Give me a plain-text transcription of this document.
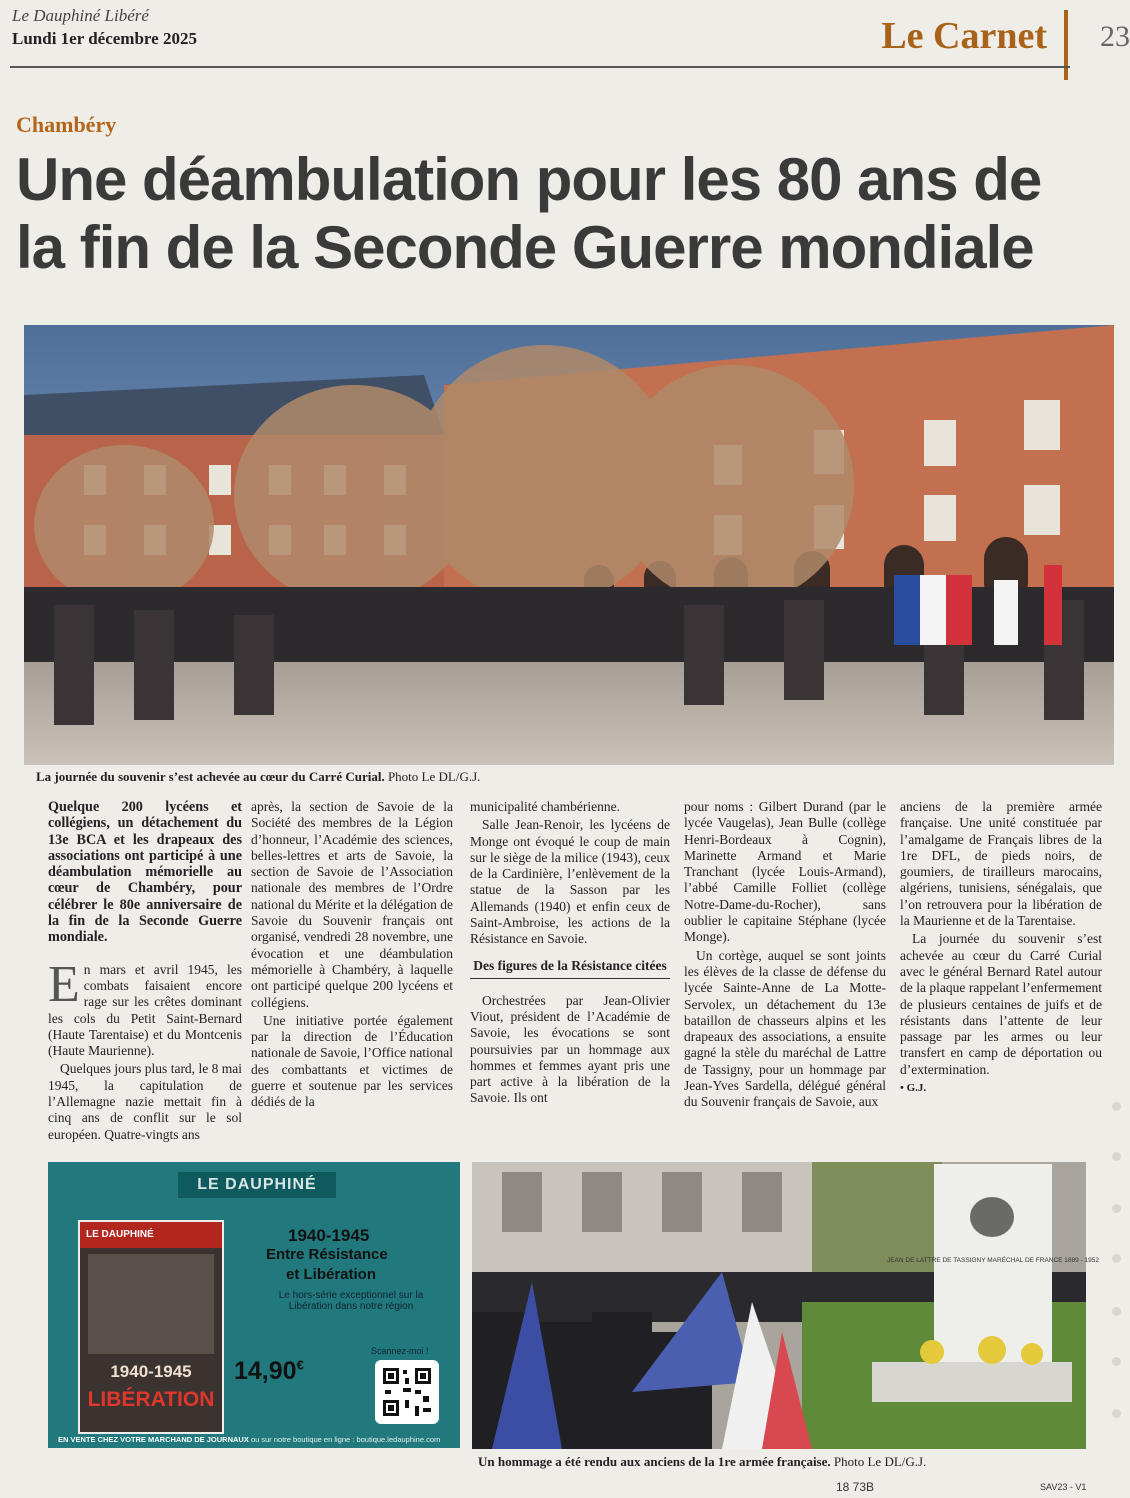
Le Dauphiné Libéré
Lundi 1er décembre 2025	Le Carnet 23
Chambéry
Une déambulation pour les 80 ans de
la fin de la Seconde Guerre mondiale
La journée du souvenir s’est achevée au cœur du Carré Curial. Photo Le DL/G.J.
Quelque 200 lycéens et collégiens, un détachement du 13e BCA et les drapeaux des associations ont participé à une déambulation mémorielle au cœur de Chambéry, pour célébrer le 80e anniversaire de la fin de la Seconde Guerre mondiale.

En mars et avril 1945, les combats faisaient encore rage sur les crêtes dominant les cols du Petit Saint-Bernard (Haute Tarentaise) et du Montcenis (Haute Maurienne).

Quelques jours plus tard, le 8 mai 1945, la capitulation de l’Allemagne nazie mettait fin à cinq ans de conflit sur le sol européen. Quatre-vingts ans

après, la section de Savoie de la Société des membres de la Légion d’honneur, l’Académie des sciences, belles-lettres et arts de Savoie, la section de Savoie de l’Association nationale des membres de l’Ordre national du Mérite et la délégation de Savoie du Souvenir français ont organisé, vendredi 28 novembre, une évocation et une déambulation mémorielle à Chambéry, à laquelle ont participé quelque 200 lycéens et collégiens.

Une initiative portée également par la direction de l’Éducation nationale de Savoie, l’Office national des combattants et victimes de guerre et soutenue par les services dédiés de la

municipalité chambérienne.

Salle Jean-Renoir, les lycéens de Monge ont évoqué le coup de main sur le siège de la milice (1943), ceux de la Cardinière, l’enlèvement de la statue de la Sasson par les Allemands (1940) et enfin ceux de Saint-Ambroise, les actions de la Résistance en Savoie.

Des figures de la Résistance citées

Orchestrées par Jean-Olivier Viout, président de l’Académie de Savoie, les évocations se sont poursuivies par un hommage aux hommes et femmes ayant pris une part active à la libération de la Savoie. Ils ont

pour noms : Gilbert Durand (par le lycée Vaugelas), Jean Bulle (collège Henri-Bordeaux à Cognin), Marinette Armand et Marie Tranchant (lycée Louis-Armand), l’abbé Camille Folliet (collège Notre-Dame-du-Rocher), sans oublier le capitaine Stéphane (lycée Monge).

Un cortège, auquel se sont joints les élèves de la classe de défense du lycée Sainte-Anne de La Motte-Servolex, un détachement du 13e bataillon de chasseurs alpins et les drapeaux des associations, a ensuite gagné la stèle du maréchal de Lattre de Tassigny, pour un hommage par Jean-Yves Sardella, délégué général du Souvenir français de Savoie, aux

anciens de la première armée française. Une unité constituée par l’amalgame de Français libres de la 1re DFL, de pieds noirs, de goumiers, de tirailleurs marocains, algériens, tunisiens, sénégalais, que l’on retrouvera pour la libération de la Maurienne et de la Tarentaise.

La journée du souvenir s’est achevée au cœur du Carré Curial avec le général Bernard Ratel autour de la plaque rappelant l’enfermement de plusieurs centaines de juifs et de résistants dans l’attente de leur passage par les armes ou leur transfert en camp de déportation ou d’extermination.

• G.J.
LE DAUPHINÉ
LE DAUPHINÉ
1940-1945
LIBÉRATION
1940-1945
Entre Résistance
et Libération
Le hors-série exceptionnel sur la Libération dans notre région
14,90€
Scannez-moi !
EN VENTE CHEZ VOTRE MARCHAND DE JOURNAUX ou sur notre boutique en ligne : boutique.ledauphine.com
JEAN DE LATTRE DE TASSIGNY MARÉCHAL DE FRANCE 1889 - 1952
Un hommage a été rendu aux anciens de la 1re armée française. Photo Le DL/G.J.
18 73B	SAV23 - V1
